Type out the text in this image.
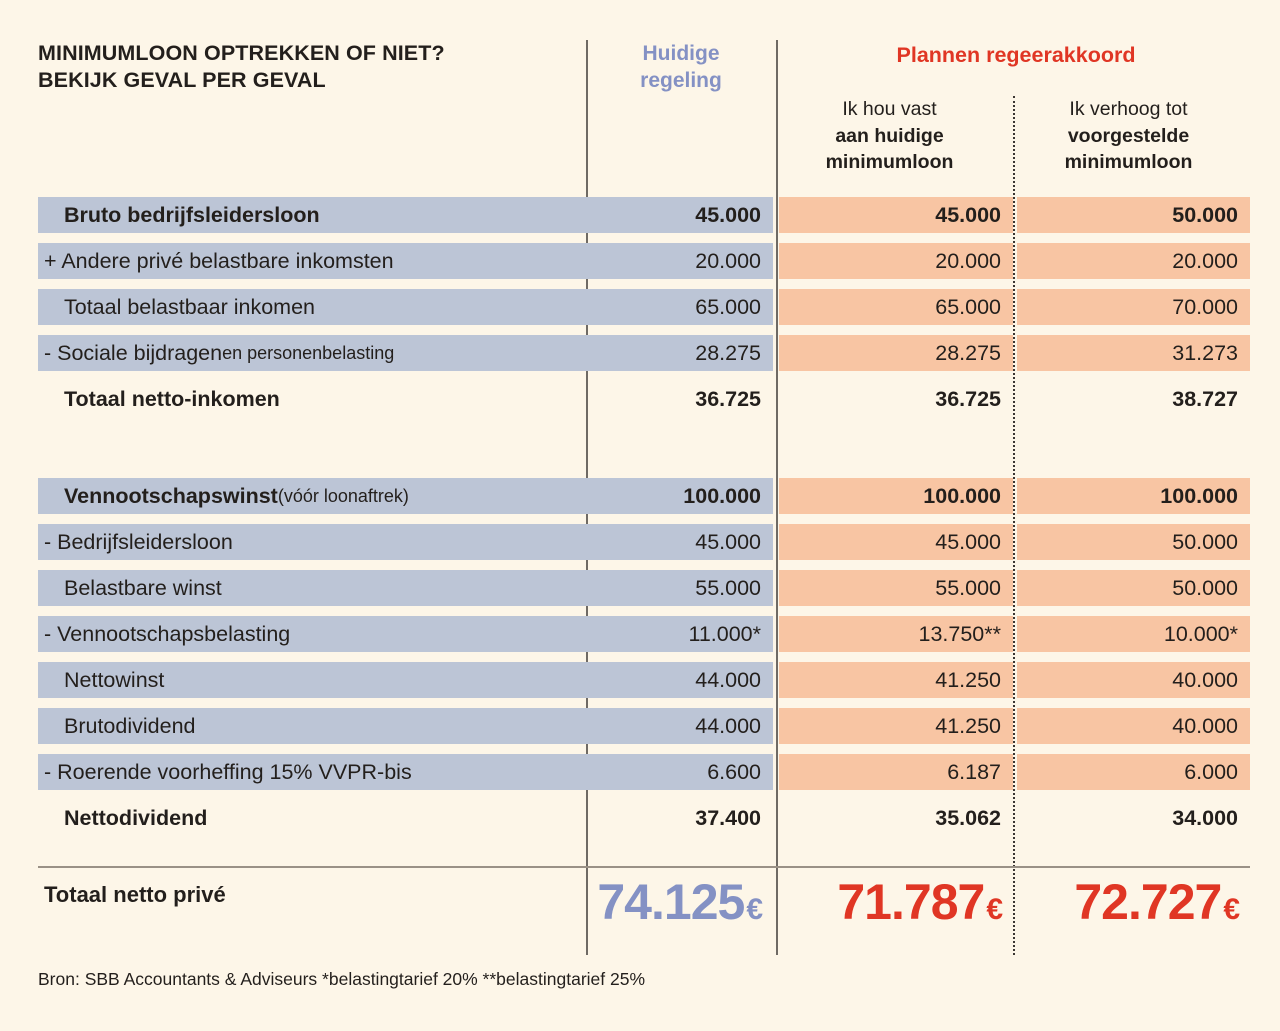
MINIMUMLOON OPTREKKEN OF NIET?
BEKIJK GEVAL PER GEVAL
Huidige
regeling
Plannen regeerakkoord
Ik hou vast
aan huidige
minimumloon
Ik verhoog tot
voorgestelde
minimumloon
Bruto bedrijfsleidersloon	45.000	45.000	50.000
+ Andere privé belastbare inkomsten	20.000	20.000	20.000
Totaal belastbaar inkomen	65.000	65.000	70.000
- Sociale bijdragen en personenbelasting	28.275	28.275	31.273
Totaal netto-inkomen	36.725	36.725	38.727
Vennootschapswinst (vóór loonaftrek)	100.000	100.000	100.000
- Bedrijfsleidersloon	45.000	45.000	50.000
Belastbare winst	55.000	55.000	50.000
- Vennootschapsbelasting	11.000*	13.750**	10.000*
Nettowinst	44.000	41.250	40.000
Brutodividend	44.000	41.250	40.000
- Roerende voorheffing 15% VVPR-bis	6.600	6.187	6.000
Nettodividend	37.400	35.062	34.000
Totaal netto privé	74.125 € 71.787 € 72.727 €
Bron: SBB Accountants & Adviseurs *belastingtarief 20% **belastingtarief 25%
